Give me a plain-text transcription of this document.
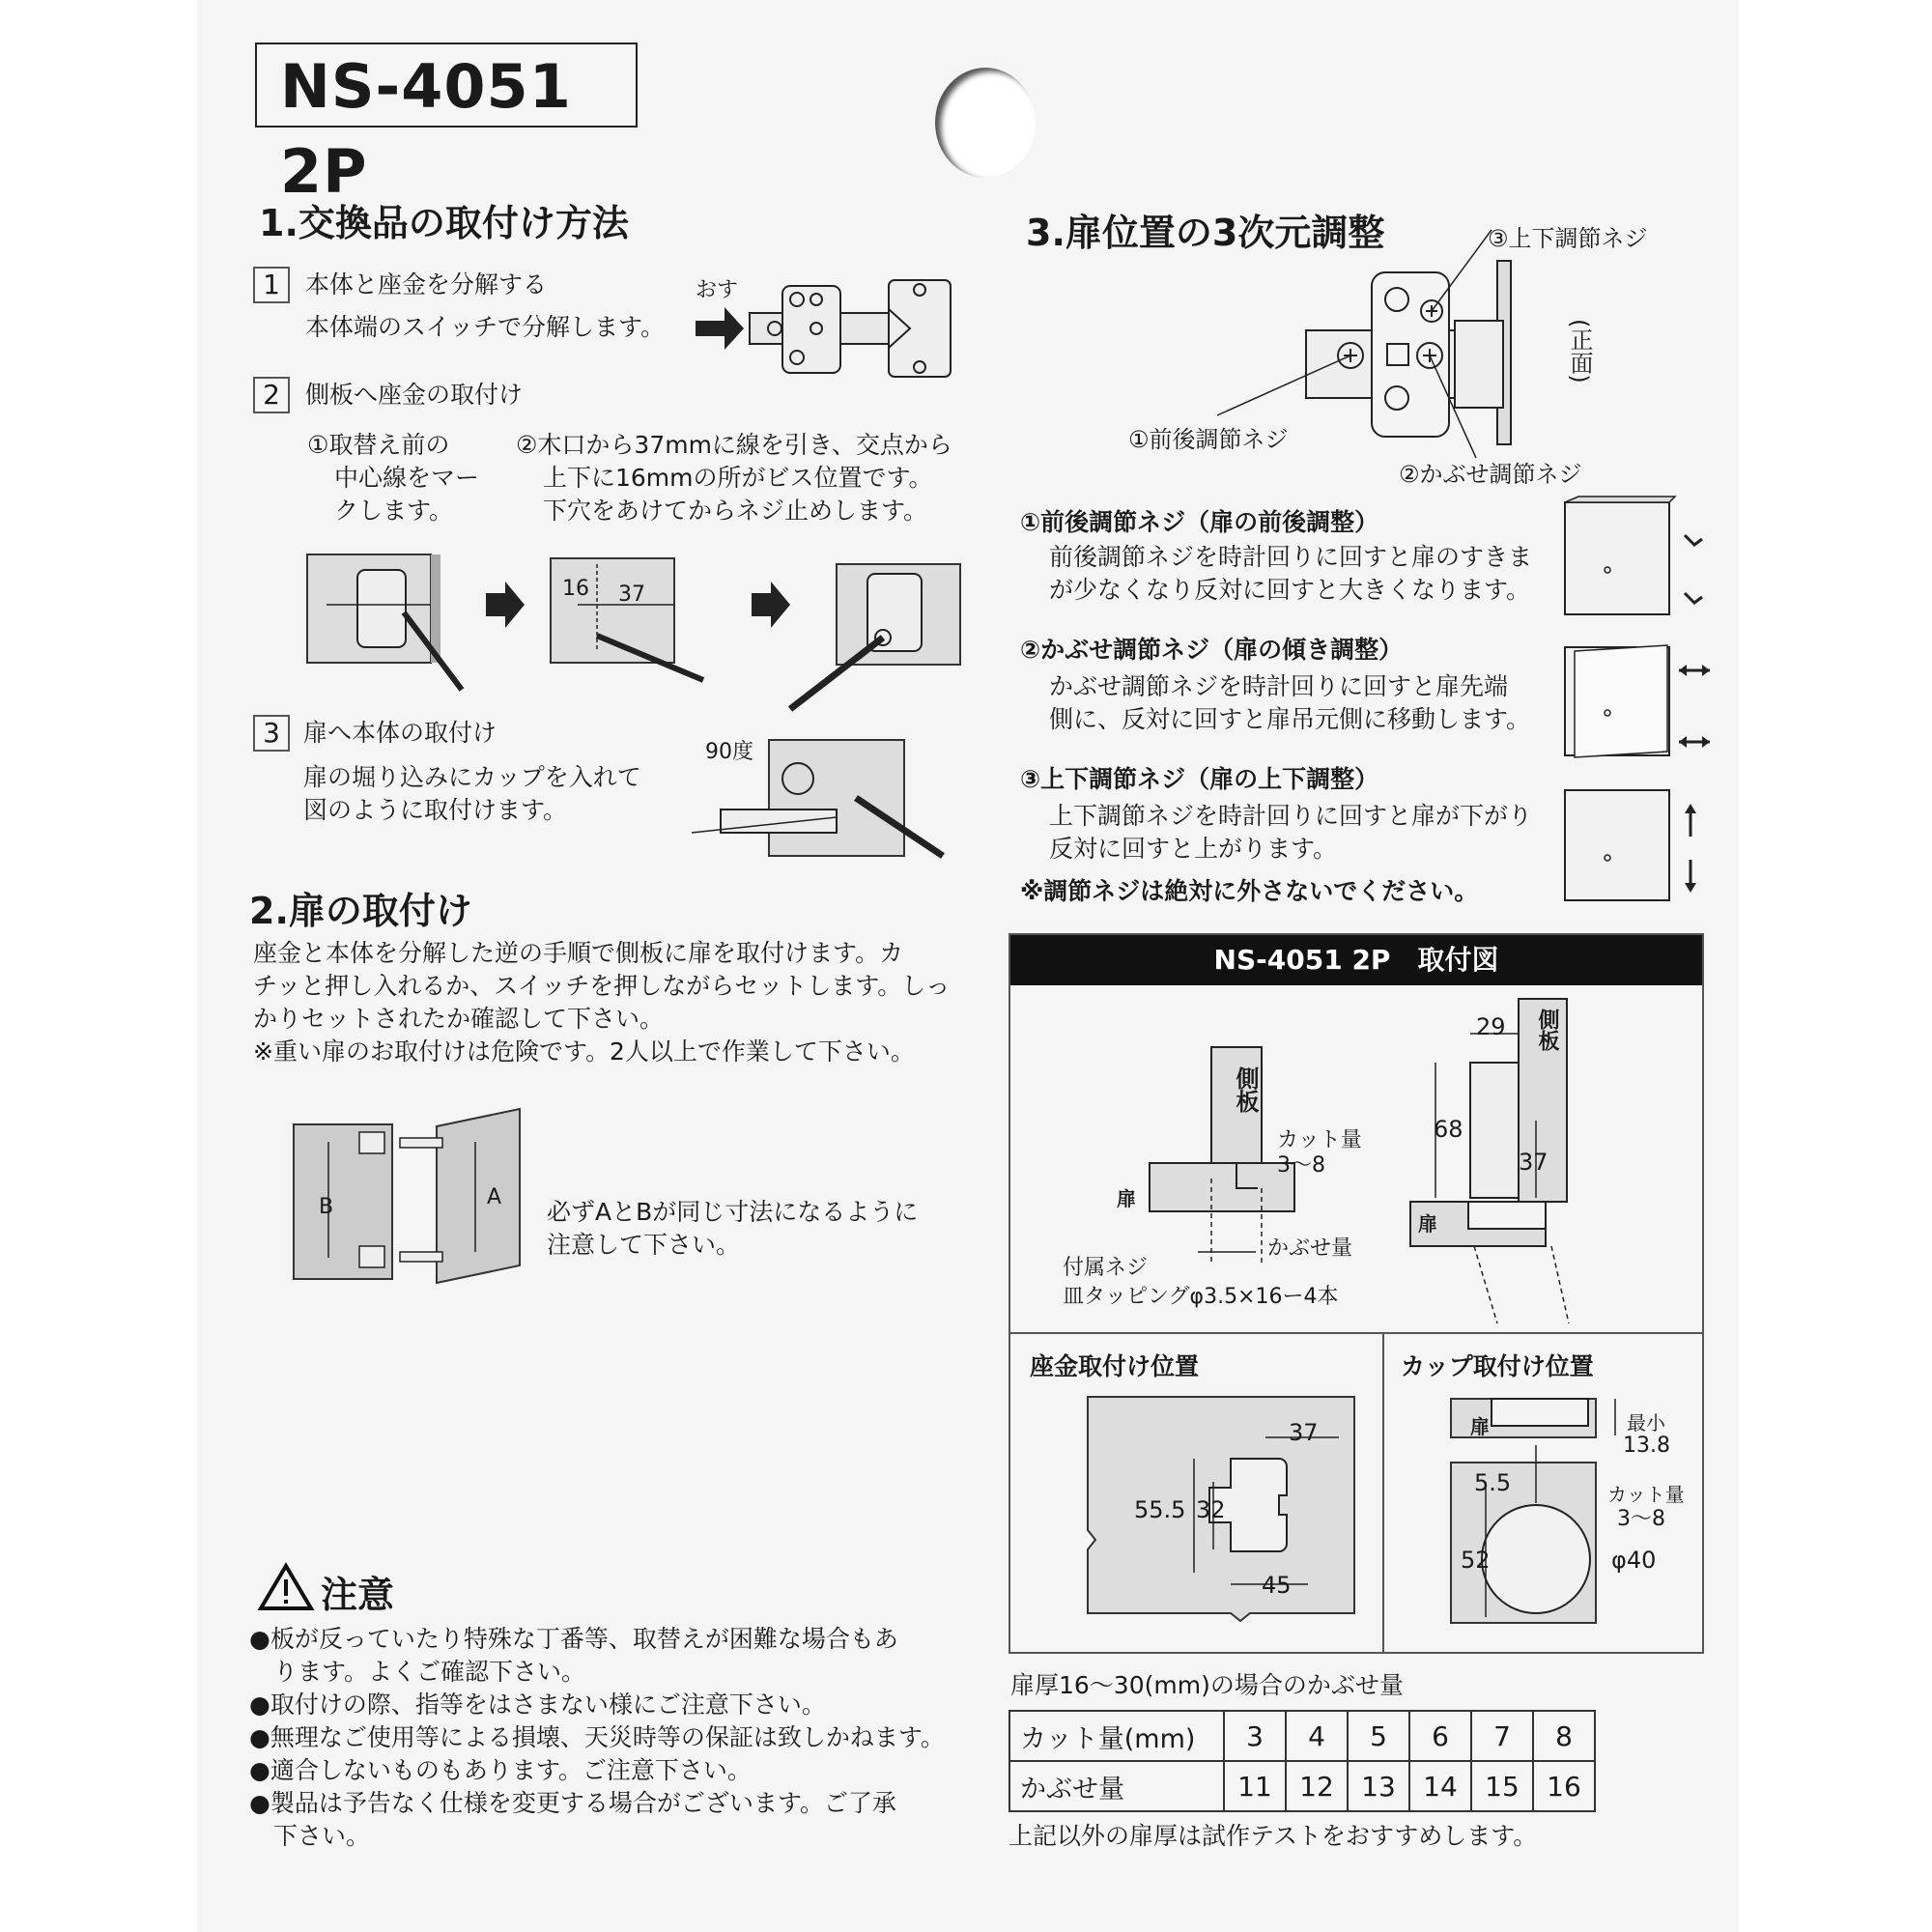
NS-4051 2P
1.交換品の取付け方法
1	本体と座金を分解する
本体端のスイッチで分解します。
おす
2	側板へ座金の取付け
①取替え前の
中心線をマー
クします。
②木口から37mmに線を引き、交点から
上下に16mmの所がビス位置です。
下穴をあけてからネジ止めします。
16 37
3 扉へ本体の取付け
扉の堀り込みにカップを入れて
図のように取付けます。
90度
2.扉の取付け
座金と本体を分解した逆の手順で側板に扉を取付けます。カ
チッと押し入れるか、スイッチを押しながらセットします。しっ
かりセットされたか確認して下さい。
※重い扉のお取付けは危険です。2人以上で作業して下さい。
B	A
必ずAとBが同じ寸法になるように
注意して下さい。
注意
●板が反っていたり特殊な丁番等、取替えが困難な場合もあ
　ります。よくご確認下さい。
●取付けの際、指等をはさまない様にご注意下さい。
●無理なご使用等による損壊、天災時等の保証は致しかねます。
●適合しないものもあります。ご注意下さい。
●製品は予告なく仕様を変更する場合がございます。ご了承
　下さい。
3.扉位置の3次元調整	③上下調節ネジ
①前後調節ネジ
②かぶせ調節ネジ
(正面)
①前後調節ネジ（扉の前後調整）
前後調節ネジを時計回りに回すと扉のすきま
が少なくなり反対に回すと大きくなります。
②かぶせ調節ネジ（扉の傾き調整）
かぶせ調節ネジを時計回りに回すと扉先端
側に、反対に回すと扉吊元側に移動します。
③上下調節ネジ（扉の上下調整）
上下調節ネジを時計回りに回すと扉が下がり
反対に回すと上がります。
※調節ネジは絶対に外さないでください。
NS-4051 2P　取付図
側板
カット量
3〜8
扉
かぶせ量
付属ネジ
皿タッピングφ3.5×16ー4本
29
68
37
側板
扉
座金取付け位置
37
55.5 32
45
カップ取付け位置
扉	最小
13.8
5.5	カット量
3〜8
52	φ40
扉厚16〜30(mm)の場合のかぶせ量
カット量(mm)	3	4	5	6	7	8
かぶせ量	11	12	13	14	15	16
上記以外の扉厚は試作テストをおすすめします。
